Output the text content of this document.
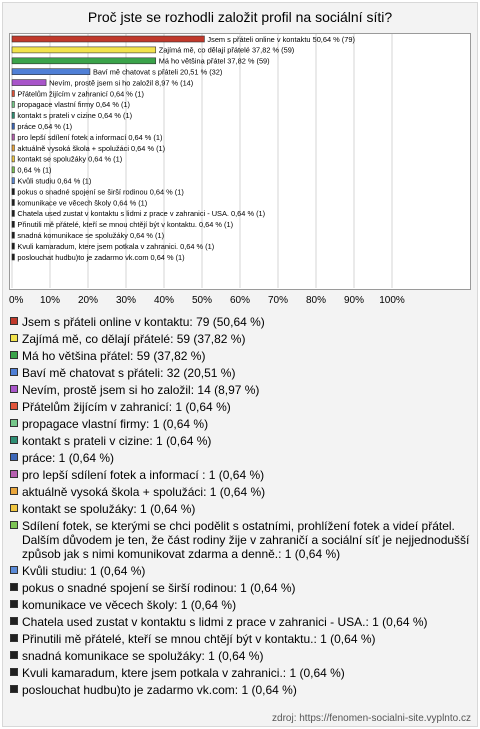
Proč jste se rozhodli založit profil na sociální síti?
0% 10% 20% 30% 40% 50% 60% 70% 80% 90% 100%
Jsem s přáteli online v kontaktu 50,64 % (79)
Zajímá mě, co dělají přátelé 37,82 % (59)
Má ho většina přátel 37,82 % (59)
Baví mě chatovat s přáteli 20,51 % (32)
Nevím, prostě jsem si ho založil 8,97 % (14)
Přátelům žijícím v zahranicí 0,64 % (1)
propagace vlastní firmy 0,64 % (1)
kontakt s prateli v cizine 0,64 % (1)
práce 0,64 % (1)
pro lepší sdílení fotek a informací 0,64 % (1)
aktuálně vysoká škola + spolužáci 0,64 % (1)
kontakt se spolužáky 0,64 % (1)
0,64 % (1)
Kvůli studiu 0,64 % (1)
pokus o snadné spojení se širší rodinou 0,64 % (1)
komunikace ve věcech školy 0,64 % (1)
Chatela used zustat v kontaktu s lidmi z prace v zahranici - USA. 0,64 % (1)
Přinutili mě přátelé, kteří se mnou chtějí být v kontaktu. 0,64 % (1)
snadná komunikace se spolužáky 0,64 % (1)
Kvuli kamaradum, ktere jsem potkala v zahranici. 0,64 % (1)
poslouchat hudbu)to je zadarmo vk.com 0,64 % (1)
Jsem s přáteli online v kontaktu: 79 (50,64 %)
Zajímá mě, co dělají přátelé: 59 (37,82 %)
Má ho většina přátel: 59 (37,82 %)
Baví mě chatovat s přáteli: 32 (20,51 %)
Nevím, prostě jsem si ho založil: 14 (8,97 %)
Přátelům žijícím v zahranicí: 1 (0,64 %)
propagace vlastní firmy: 1 (0,64 %)
kontakt s prateli v cizine: 1 (0,64 %)
práce: 1 (0,64 %)
pro lepší sdílení fotek a informací : 1 (0,64 %)
aktuálně vysoká škola + spolužáci: 1 (0,64 %)
kontakt se spolužáky: 1 (0,64 %)
Sdílení fotek, se kterými se chci podělit s ostatními, prohlížení fotek a videí přátel. Dalším důvodem je ten, že část rodiny žije v zahraničí a sociální síť je nejjednodušší způsob jak s nimi komunikovat zdarma a denně.: 1 (0,64 %)
Kvůli studiu: 1 (0,64 %)
pokus o snadné spojení se širší rodinou: 1 (0,64 %)
komunikace ve věcech školy: 1 (0,64 %)
Chatela used zustat v kontaktu s lidmi z prace v zahranici - USA.: 1 (0,64 %)
Přinutili mě přátelé, kteří se mnou chtějí být v kontaktu.: 1 (0,64 %)
snadná komunikace se spolužáky: 1 (0,64 %)
Kvuli kamaradum, ktere jsem potkala v zahranici.: 1 (0,64 %)
poslouchat hudbu)to je zadarmo vk.com: 1 (0,64 %)
zdroj: https://fenomen-socialni-site.vyplnto.cz
